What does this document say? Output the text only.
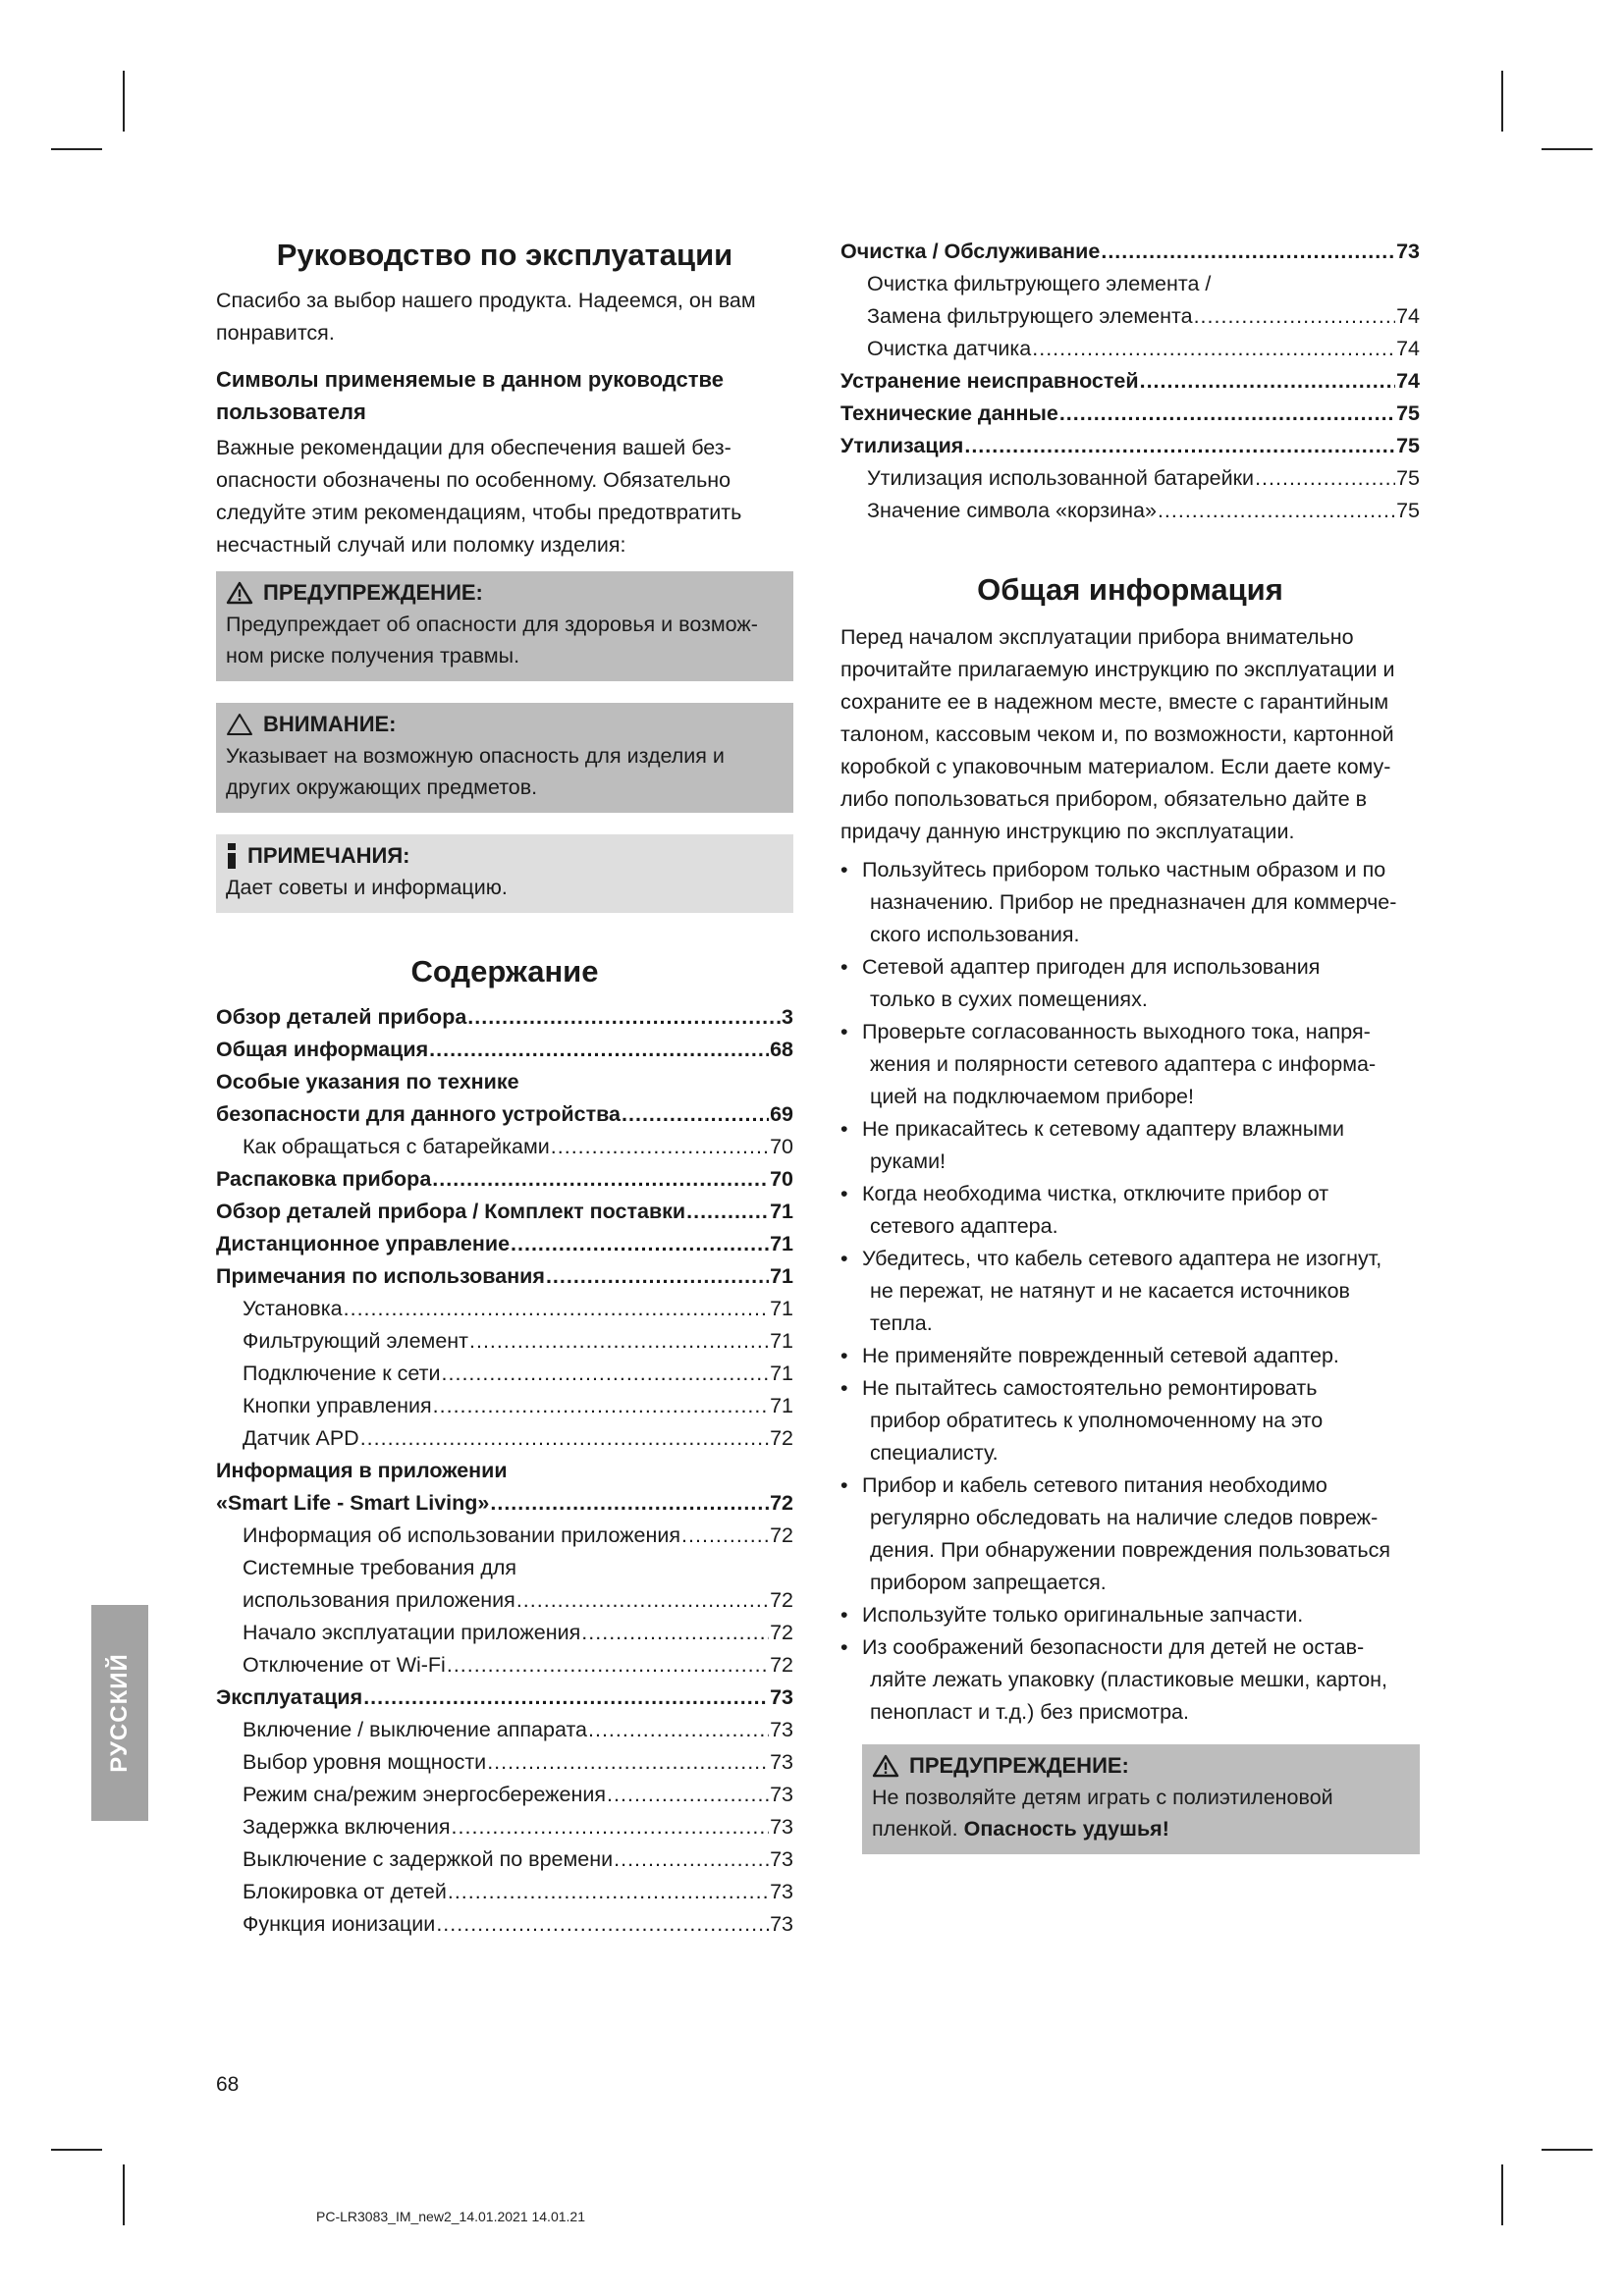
Руководство по эксплуатации

Спасибо за выбор нашего продукта. Надеемся, он вам

понравится.

Символы применяемые в данном руководстве

пользователя

Важные рекомендации для обеспечения вашей без-

опасности обозначены по особенному. Обязательно

следуйте этим рекомендациям, чтобы предотвратить

несчастный случай или поломку изделия:

ПРЕДУПРЕЖДЕНИЕ:
Предупреждает об опасности для здоровья и возмож-
ном риске получения травмы.
ВНИМАНИЕ:
Указывает на возможную опасность для изделия и
других окружающих предметов.
ПРИМЕЧАНИЯ:
Дает советы и информацию.
Содержание
Обзор деталей прибора .....	3
Общая информация .....	68
Особые указания по технике
безопасности для данного устройства .....	69
Как обращаться с батарейками .....	70
Распаковка прибора .....	70
Обзор деталей прибора / Комплект поставки .....	71
Дистанционное управление .....	71
Примечания по использования .....	71
Установка .....	71
Фильтрующий элемент .....	71
Подключение к сети .....	71
Кнопки управления .....	71
Датчик APD .....	72
Информация в приложении
«Smart Life - Smart Living» .....	72
Информация об использовании приложения .....	72
Системные требования для
использования приложения .....	72
Начало эксплуатации приложения .....	72
Отключение от Wi-Fi .....	72
Эксплуатация .....	73
Включение / выключение аппарата .....	73
Выбор уровня мощности .....	73
Режим сна/режим энергосбережения .....	73
Задержка включения .....	73
Выключение с задержкой по времени .....	73
Блокировка от детей .....	73
Функция ионизации .....	73
Очистка / Обслуживание .....	73
Очистка фильтрующего элемента /
Замена фильтрующего элемента .....	74
Очистка датчика .....	74
Устранение неисправностей .....	74
Технические данные .....	75
Утилизация .....	75
Утилизация использованной батарейки .....	75
Значение символа «корзина» .....	75
Общая информация

Перед началом эксплуатации прибора внимательно

прочитайте прилагаемую инструкцию по эксплуатации и

сохраните ее в надежном месте, вместе с гарантийным

талоном, кассовым чеком и, по возможности, картонной

коробкой с упаковочным материалом. Если даете кому-

либо попользоваться прибором, обязательно дайте в

придачу данную инструкцию по эксплуатации.

• Пользуйтесь прибором только частным образом и по
назначению. Прибор не предназначен для коммерче-
ского использования.
• Сетевой адаптер пригоден для использования
только в сухих помещениях.
• Проверьте согласованность выходного тока, напря-
жения и полярности сетевого адаптера с информа-
цией на подключаемом приборе!
• Не прикасайтесь к сетевому адаптеру влажными
руками!
• Когда необходима чистка, отключите прибор от
сетевого адаптера.
• Убедитесь, что кабель сетевого адаптера не изогнут,
не пережат, не натянут и не касается источников
тепла.
• Не применяйте поврежденный сетевой адаптер.
• Не пытайтесь самостоятельно ремонтировать
прибор обратитесь к уполномоченному на это
специалисту.
• Прибор и кабель сетевого питания необходимо
регулярно обследовать на наличие следов повреж-
дения. При обнаружении повреждения пользоваться
прибором запрещается.
• Используйте только оригинальные запчасти.
• Из соображений безопасности для детей не остав-
ляйте лежать упаковку (пластиковые мешки, картон,
пенопласт и т.д.) без присмотра.
ПРЕДУПРЕЖДЕНИЕ:
Не позволяйте детям играть с полиэтиленовой
пленкой. Опасность удушья!
РУССКИЙ
68
PC-LR3083_IM_new2_14.01.2021 14.01.21
